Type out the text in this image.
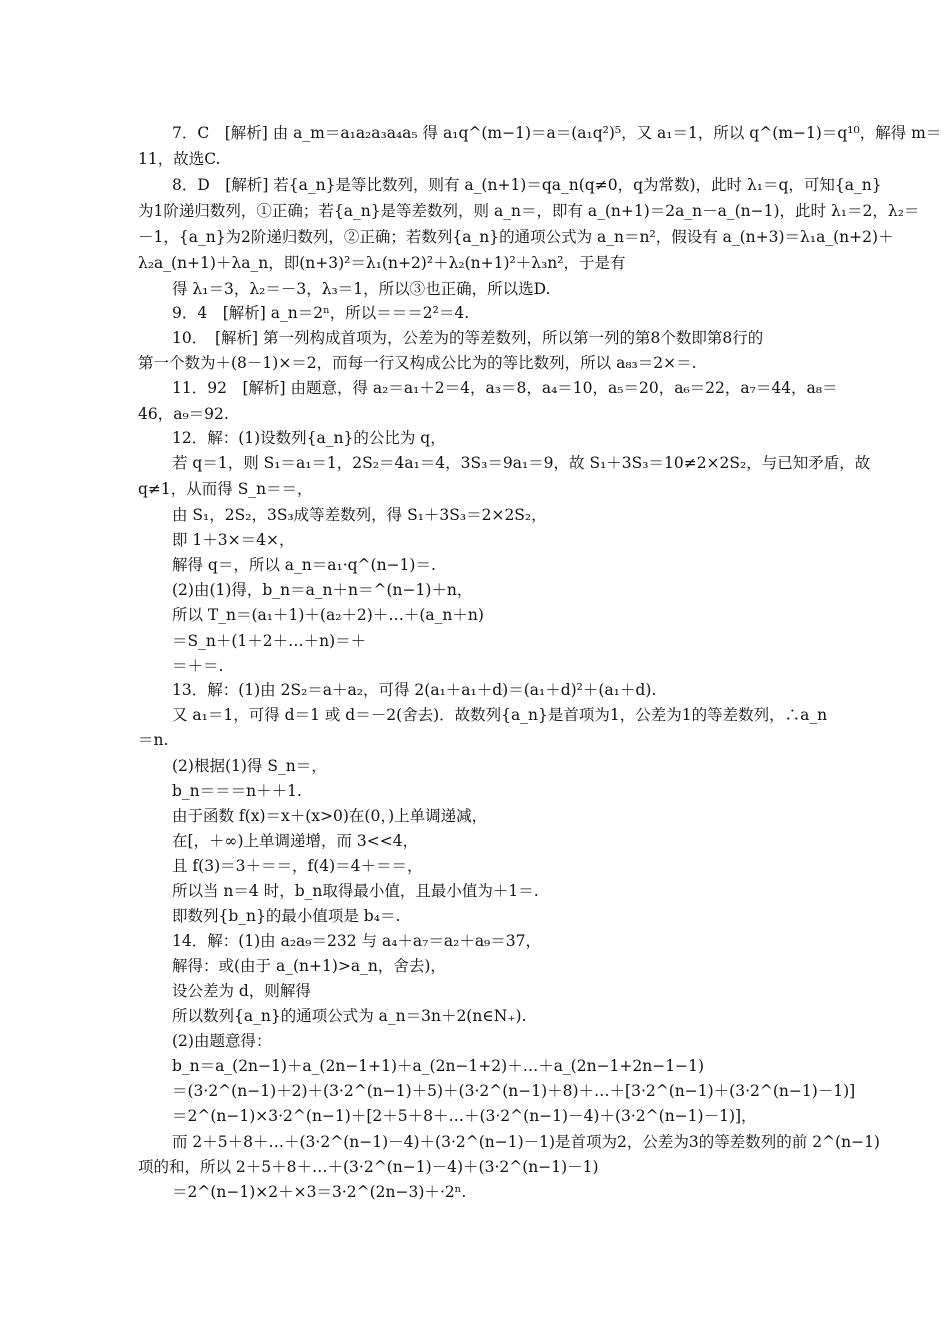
7．C　[解析] 由 a_m＝a₁a₂a₃a₄a₅ 得 a₁q^(m−1)＝a＝(a₁q²)⁵，又 a₁＝1，所以 q^(m−1)＝q¹⁰，解得 m＝
11，故选C.
8．D　[解析] 若{a_n}是等比数列，则有 a_(n+1)＝qa_n(q≠0，q为常数)，此时 λ₁＝q，可知{a_n}
为1阶递归数列，①正确；若{a_n}是等差数列，则 a_n＝，即有 a_(n+1)＝2a_n－a_(n−1)，此时 λ₁＝2，λ₂＝
－1，{a_n}为2阶递归数列，②正确；若数列{a_n}的通项公式为 a_n＝n²，假设有 a_(n+3)＝λ₁a_(n+2)＋
λ₂a_(n+1)＋λa_n，即(n+3)²＝λ₁(n+2)²＋λ₂(n+1)²＋λ₃n²，于是有
得 λ₁＝3，λ₂＝－3，λ₃＝1，所以③也正确，所以选D.
9．4　[解析] a_n＝2ⁿ，所以＝＝＝2²＝4.
10．　[解析] 第一列构成首项为，公差为的等差数列，所以第一列的第8个数即第8行的
第一个数为＋(8－1)×＝2，而每一行又构成公比为的等比数列，所以 a₈₃＝2×＝.
11．92　[解析] 由题意，得 a₂＝a₁＋2＝4，a₃＝8，a₄＝10，a₅＝20，a₆＝22，a₇＝44，a₈＝
46，a₉＝92.
12．解：(1)设数列{a_n}的公比为 q，
若 q＝1，则 S₁＝a₁＝1，2S₂＝4a₁＝4，3S₃＝9a₁＝9，故 S₁＋3S₃＝10≠2×2S₂，与已知矛盾，故
q≠1，从而得 S_n＝＝，
由 S₁，2S₂，3S₃成等差数列，得 S₁＋3S₃＝2×2S₂，
即 1＋3×＝4×，
解得 q＝，所以 a_n＝a₁·q^(n−1)＝.
(2)由(1)得，b_n＝a_n＋n＝^(n−1)＋n，
所以 T_n＝(a₁＋1)＋(a₂＋2)＋…＋(a_n＋n)
＝S_n＋(1＋2＋…＋n)＝＋
＝＋＝.
13．解：(1)由 2S₂＝a＋a₂，可得 2(a₁＋a₁＋d)＝(a₁＋d)²＋(a₁＋d).
又 a₁＝1，可得 d＝1 或 d＝－2(舍去)．故数列{a_n}是首项为1，公差为1的等差数列，∴a_n
＝n.
(2)根据(1)得 S_n＝，
b_n＝＝＝n＋＋1.
由于函数 f(x)＝x＋(x>0)在(0，)上单调递减，
在[，＋∞)上单调递增，而 3<<4，
且 f(3)＝3＋＝＝，f(4)＝4＋＝＝，
所以当 n＝4 时，b_n取得最小值，且最小值为＋1＝.
即数列{b_n}的最小值项是 b₄＝.
14．解：(1)由 a₂a₉＝232 与 a₄＋a₇＝a₂＋a₉＝37，
解得：或(由于 a_(n+1)>a_n，舍去)，
设公差为 d，则解得
所以数列{a_n}的通项公式为 a_n＝3n＋2(n∈N₊).
(2)由题意得：
b_n＝a_(2n−1)＋a_(2n−1+1)＋a_(2n−1+2)＋…＋a_(2n−1+2n−1−1)
＝(3·2^(n−1)＋2)＋(3·2^(n−1)＋5)＋(3·2^(n−1)＋8)＋…＋[3·2^(n−1)＋(3·2^(n−1)－1)]
＝2^(n−1)×3·2^(n−1)＋[2＋5＋8＋…＋(3·2^(n−1)－4)＋(3·2^(n−1)－1)]，
而 2＋5＋8＋…＋(3·2^(n−1)－4)＋(3·2^(n−1)－1)是首项为2，公差为3的等差数列的前 2^(n−1)
项的和，所以 2＋5＋8＋…＋(3·2^(n−1)－4)＋(3·2^(n−1)－1)
＝2^(n−1)×2＋×3＝3·2^(2n−3)＋·2ⁿ.
